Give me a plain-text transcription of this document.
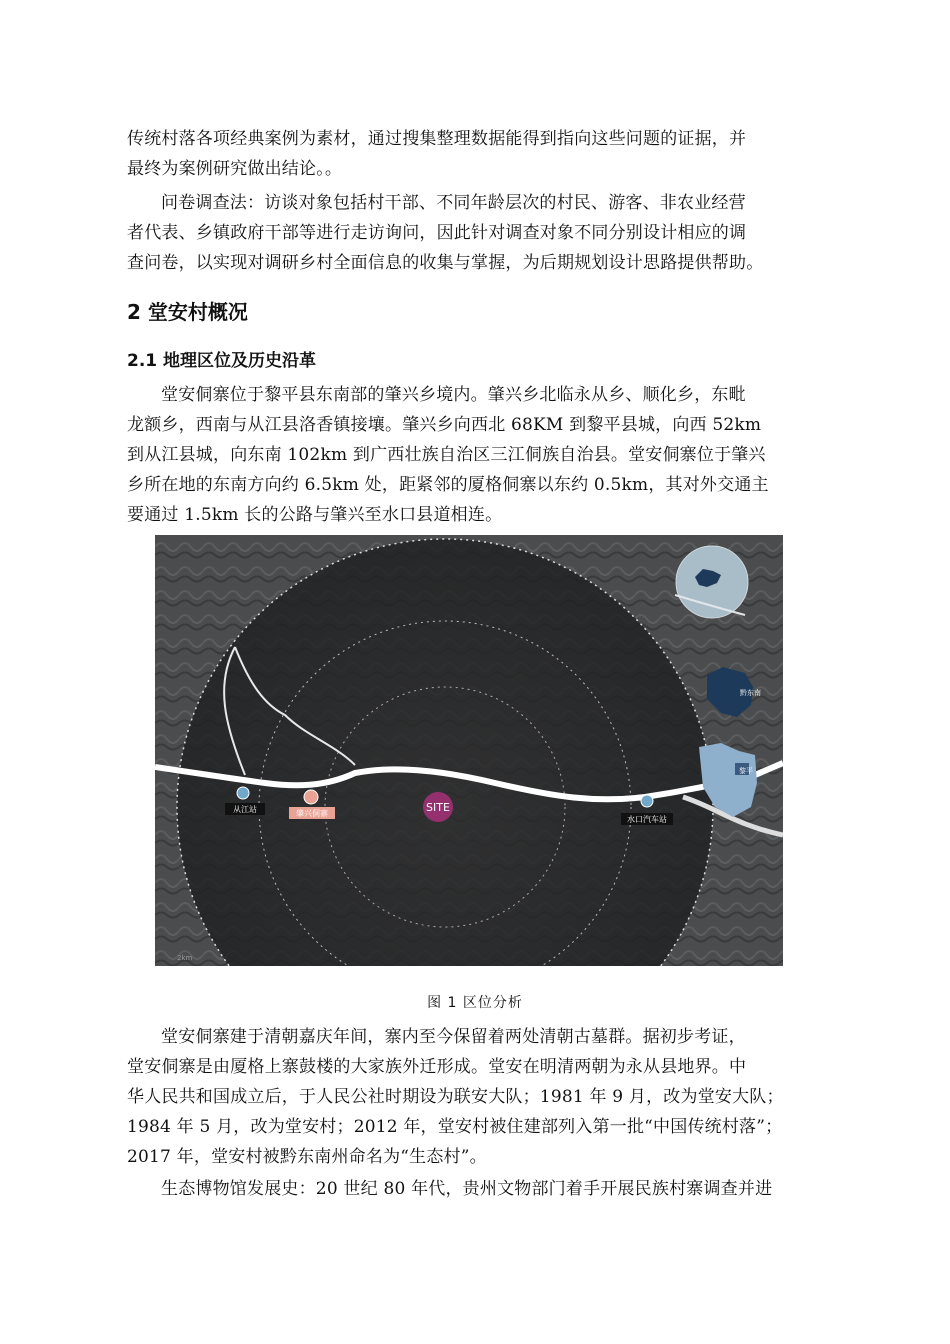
传统村落各项经典案例为素材，通过搜集整理数据能得到指向这些问题的证据，并
最终为案例研究做出结论。。
问卷调查法：访谈对象包括村干部、不同年龄层次的村民、游客、非农业经营
者代表、乡镇政府干部等进行走访询问，因此针对调查对象不同分别设计相应的调
查问卷，以实现对调研乡村全面信息的收集与掌握，为后期规划设计思路提供帮助。
2 堂安村概况
2.1 地理区位及历史沿革
堂安侗寨位于黎平县东南部的肇兴乡境内。肇兴乡北临永从乡、顺化乡，东毗
龙额乡，西南与从江县洛香镇接壤。肇兴乡向西北 68KM 到黎平县城，向西 52km
到从江县城，向东南 102km 到广西壮族自治区三江侗族自治县。堂安侗寨位于肇兴
乡所在地的东南方向约 6.5km 处，距紧邻的厦格侗寨以东约 0.5km，其对外交通主
要通过 1.5km 长的公路与肇兴至水口县道相连。
从江站	肇兴侗寨	SITE
水口汽车站
黔东南
黎平
2km
图 1 区位分析
堂安侗寨建于清朝嘉庆年间，寨内至今保留着两处清朝古墓群。据初步考证，
堂安侗寨是由厦格上寨鼓楼的大家族外迁形成。堂安在明清两朝为永从县地界。中
华人民共和国成立后，于人民公社时期设为联安大队；1981 年 9 月，改为堂安大队；
1984 年 5 月，改为堂安村；2012 年，堂安村被住建部列入第一批“中国传统村落”；
2017 年，堂安村被黔东南州命名为“生态村”。
生态博物馆发展史：20 世纪 80 年代，贵州文物部门着手开展民族村寨调查并进
